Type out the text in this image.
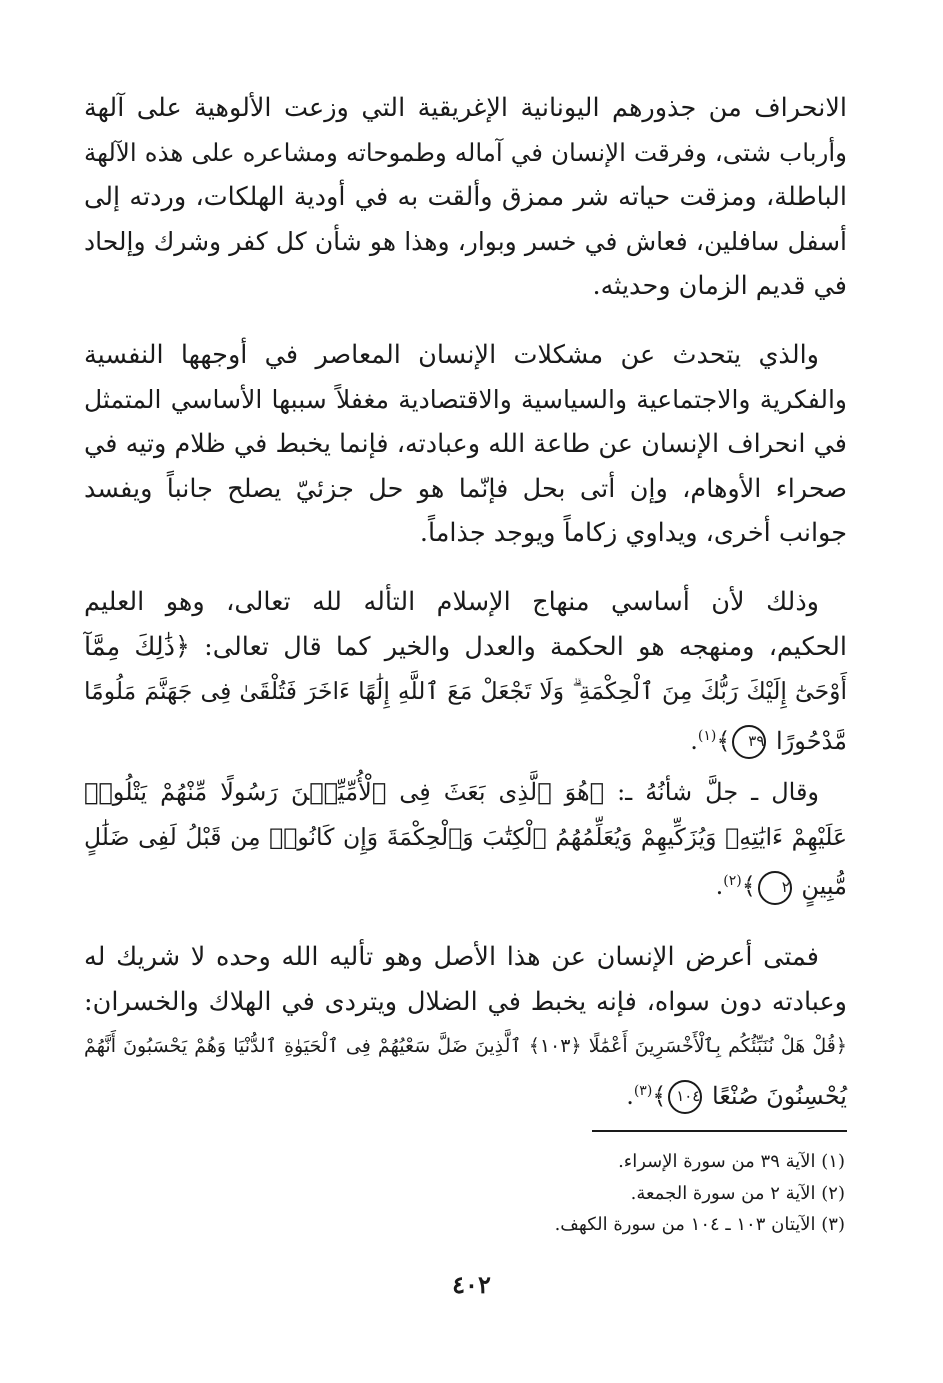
الانحراف من جذورهم اليونانية الإغريقية التي وزعت الألوهية على آلهة
وأرباب شتى، وفرقت الإنسان في آماله وطموحاته ومشاعره على هذه الآلهة
الباطلة، ومزقت حياته شر ممزق وألقت به في أودية الهلكات، وردته إلى
أسفل سافلين، فعاش في خسر وبوار، وهذا هو شأن كل كفر وشرك وإلحاد
في قديم الزمان وحديثه.

والذي يتحدث عن مشكلات الإنسان المعاصر في أوجهها النفسية
والفكرية والاجتماعية والسياسية والاقتصادية مغفلاً سببها الأساسي المتمثل
في انحراف الإنسان عن طاعة الله وعبادته، فإنما يخبط في ظلام وتيه في
صحراء الأوهام، وإن أتى بحل فإنّما هو حل جزئيّ يصلح جانباً ويفسد
جوانب أخرى، ويداوي زكاماً ويوجد جذاماً.

وذلك لأن أساسي منهاج الإسلام التأله لله تعالى، وهو العليم
الحكيم، ومنهجه هو الحكمة والعدل والخير كما قال تعالى: ﴿ذَٰلِكَ مِمَّآ
أَوْحَىٰٓ إِلَيْكَ رَبُّكَ مِنَ ٱلْحِكْمَةِ ۗ وَلَا تَجْعَلْ مَعَ ٱللَّهِ إِلَٰهًا ءَاخَرَ فَتُلْقَىٰ فِى جَهَنَّمَ مَلُومًا
مَّدْحُورًا ٣٩﴾$^{(١)}$.

وقال ـ جلَّ شأنُهُ ـ: ﴿هُوَ ٱلَّذِى بَعَثَ فِى ٱلْأُمِّيِّـۧنَ رَسُولًا مِّنْهُمْ يَتْلُوا۟
عَلَيْهِمْ ءَايَٰتِهِۦ وَيُزَكِّيهِمْ وَيُعَلِّمُهُمُ ٱلْكِتَٰبَ وَٱلْحِكْمَةَ وَإِن كَانُوا۟ مِن قَبْلُ لَفِى ضَلَٰلٍ
مُّبِينٍ ٢﴾$^{(٢)}$.

فمتى أعرض الإنسان عن هذا الأصل وهو تأليه الله وحده لا شريك له
وعبادته دون سواه، فإنه يخبط في الضلال ويتردى في الهلاك والخسران:
﴿قُلْ هَلْ نُنَبِّئُكُم بِٱلْأَخْسَرِينَ أَعْمَٰلًا ﴿١٠٣﴾ ٱلَّذِينَ ضَلَّ سَعْيُهُمْ فِى ٱلْحَيَوٰةِ ٱلدُّنْيَا وَهُمْ يَحْسَبُونَ أَنَّهُمْ
يُحْسِنُونَ صُنْعًا ١٠٤﴾$^{(٣)}$.

(١) الآية ٣٩ من سورة الإسراء.
(٢) الآية ٢ من سورة الجمعة.
(٣) الآيتان ١٠٣ ـ ١٠٤ من سورة الكهف.
٤٠٢
